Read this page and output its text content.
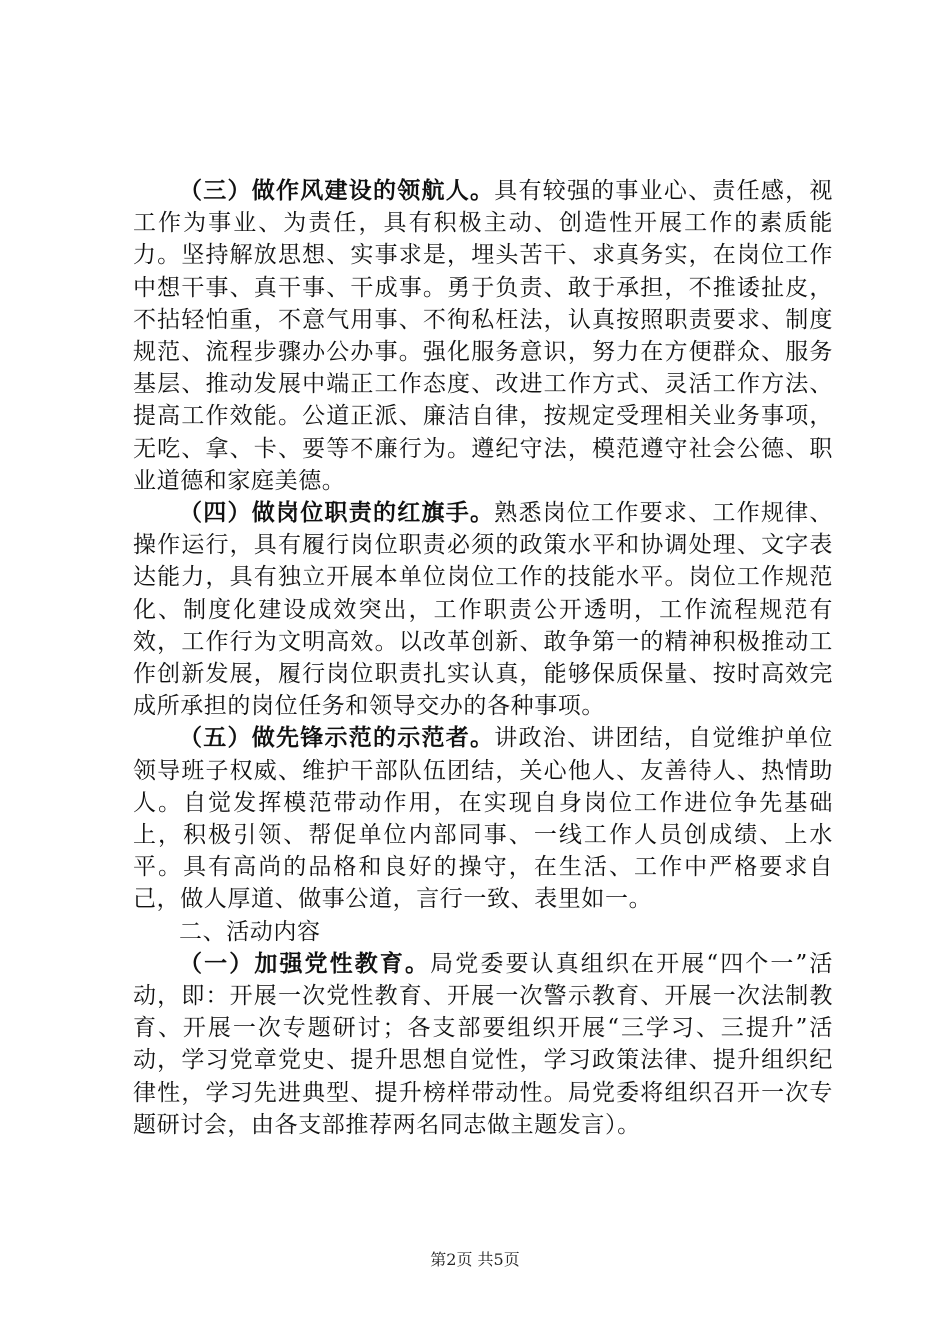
（三）做作风建设的领航人。具有较强的事业心、责任感，视工作为事业、为责任，具有积极主动、创造性开展工作的素质能力。坚持解放思想、实事求是，埋头苦干、求真务实，在岗位工作中想干事、真干事、干成事。勇于负责、敢于承担，不推诿扯皮，不拈轻怕重，不意气用事、不徇私枉法，认真按照职责要求、制度规范、流程步骤办公办事。强化服务意识，努力在方便群众、服务基层、推动发展中端正工作态度、改进工作方式、灵活工作方法、提高工作效能。公道正派、廉洁自律，按规定受理相关业务事项，无吃、拿、卡、要等不廉行为。遵纪守法，模范遵守社会公德、职业道德和家庭美德。

（四）做岗位职责的红旗手。熟悉岗位工作要求、工作规律、操作运行，具有履行岗位职责必须的政策水平和协调处理、文字表达能力，具有独立开展本单位岗位工作的技能水平。岗位工作规范化、制度化建设成效突出，工作职责公开透明，工作流程规范有效，工作行为文明高效。以改革创新、敢争第一的精神积极推动工作创新发展，履行岗位职责扎实认真，能够保质保量、按时高效完成所承担的岗位任务和领导交办的各种事项。

（五）做先锋示范的示范者。讲政治、讲团结，自觉维护单位领导班子权威、维护干部队伍团结，关心他人、友善待人、热情助人。自觉发挥模范带动作用，在实现自身岗位工作进位争先基础上，积极引领、帮促单位内部同事、一线工作人员创成绩、上水平。具有高尚的品格和良好的操守，在生活、工作中严格要求自己，做人厚道、做事公道，言行一致、表里如一。

二、活动内容

（一）加强党性教育。局党委要认真组织在开展“四个一”活动，即：开展一次党性教育、开展一次警示教育、开展一次法制教育、开展一次专题研讨；各支部要组织开展“三学习、三提升”活动，学习党章党史、提升思想自觉性，学习政策法律、提升组织纪律性，学习先进典型、提升榜样带动性。局党委将组织召开一次专题研讨会，由各支部推荐两名同志做主题发言）。

第2页 共5页
